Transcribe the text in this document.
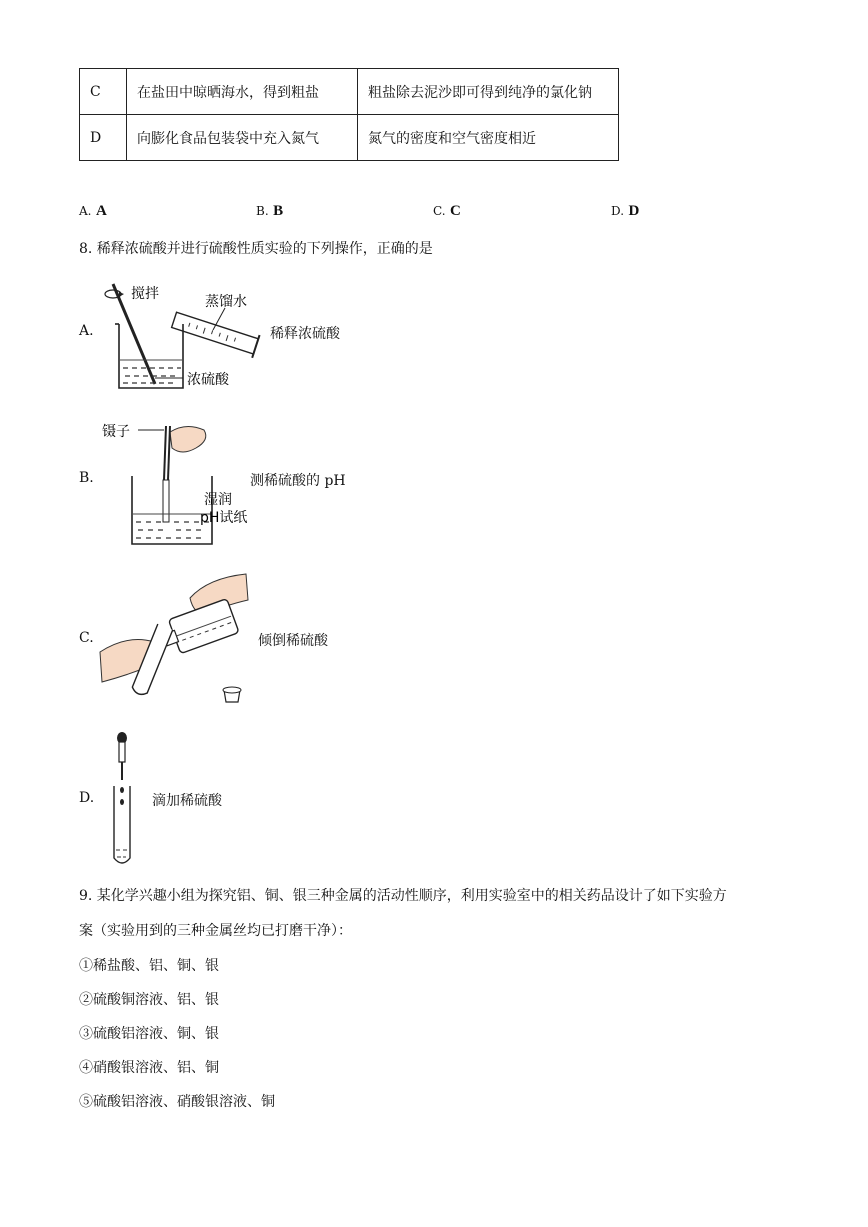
C	在盐田中晾晒海水，得到粗盐	粗盐除去泥沙即可得到纯净的氯化钠
D	向膨化食品包装袋中充入氮气	氮气的密度和空气密度相近
A. A	B. B	C. C	D. D
8. 稀释浓硫酸并进行硫酸性质实验的下列操作，正确的是
A.
搅拌	蒸馏水
浓硫酸
稀释浓硫酸
B.
镊子
湿润
pH试纸
测稀硫酸的 pH
C.	倾倒稀硫酸
D.	滴加稀硫酸
9. 某化学兴趣小组为探究铝、铜、银三种金属的活动性顺序，利用实验室中的相关药品设计了如下实验方
案（实验用到的三种金属丝均已打磨干净）：
①稀盐酸、铝、铜、银
②硫酸铜溶液、铝、银
③硫酸铝溶液、铜、银
④硝酸银溶液、铝、铜
⑤硫酸铝溶液、硝酸银溶液、铜
